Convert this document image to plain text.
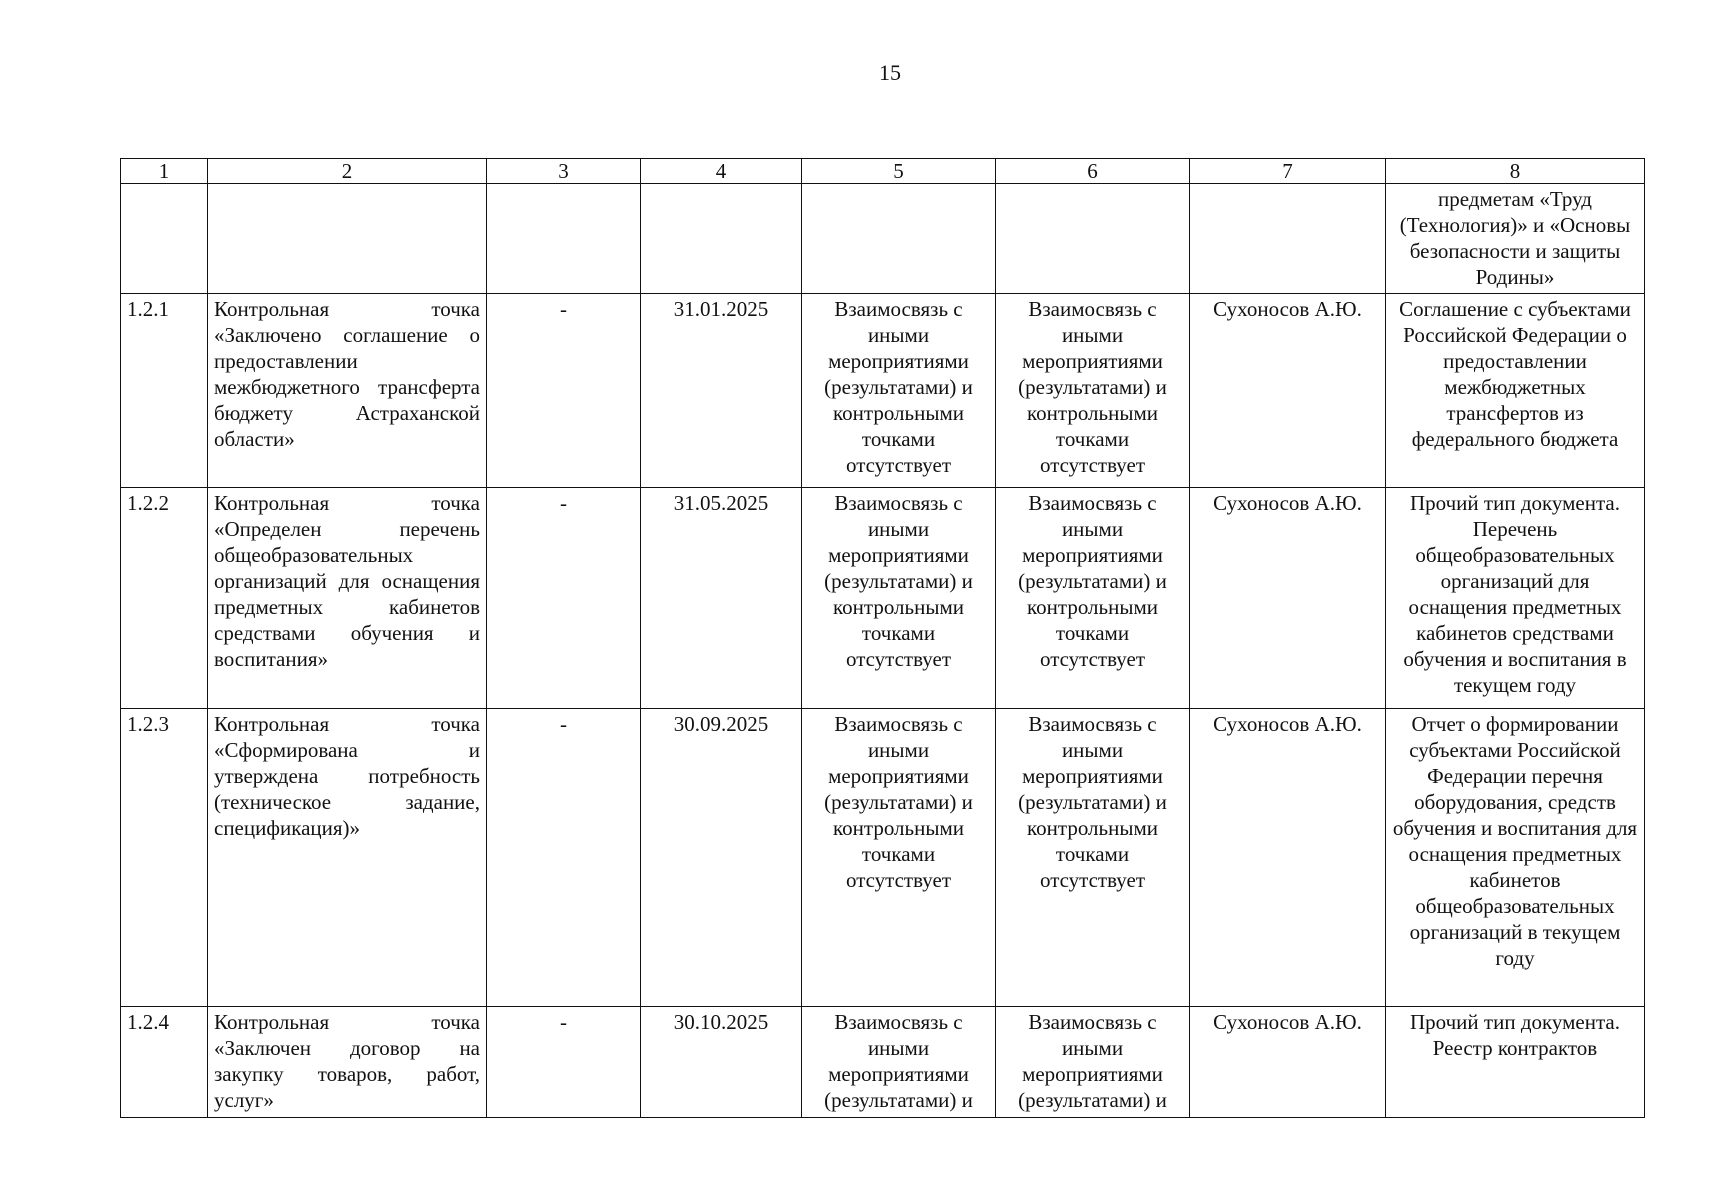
15
1	2	3	4	5	6	7	8
							предметам «Труд (Технология)» и «Основы безопасности и защиты Родины»
1.2.1	Контрольная точка «Заключено соглашение о предоставлении межбюджетного трансферта бюджету Астраханской области»	-	31.01.2025	Взаимосвязь с иными мероприятиями (результатами) и контрольными точками отсутствует	Взаимосвязь с иными мероприятиями (результатами) и контрольными точками отсутствует	Сухоносов А.Ю.	Соглашение с субъектами Российской Федерации о предоставлении межбюджетных трансфертов из федерального бюджета
1.2.2	Контрольная точка «Определен перечень общеобразовательных организаций для оснащения предметных кабинетов средствами обучения и воспитания»	-	31.05.2025	Взаимосвязь с иными мероприятиями (результатами) и контрольными точками отсутствует	Взаимосвязь с иными мероприятиями (результатами) и контрольными точками отсутствует	Сухоносов А.Ю.	Прочий тип документа. Перечень общеобразовательных организаций для оснащения предметных кабинетов средствами обучения и воспитания в текущем году
1.2.3	Контрольная точка «Сформирована и утверждена потребность (техническое задание, спецификация)»	-	30.09.2025	Взаимосвязь с иными мероприятиями (результатами) и контрольными точками отсутствует	Взаимосвязь с иными мероприятиями (результатами) и контрольными точками отсутствует	Сухоносов А.Ю.	Отчет о формировании субъектами Российской Федерации перечня оборудования, средств обучения и воспитания для оснащения предметных кабинетов общеобразовательных организаций в текущем году
1.2.4	Контрольная точка «Заключен договор на закупку товаров, работ, услуг»	-	30.10.2025	Взаимосвязь с иными мероприятиями (результатами) и	Взаимосвязь с иными мероприятиями (результатами) и	Сухоносов А.Ю.	Прочий тип документа. Реестр контрактов
